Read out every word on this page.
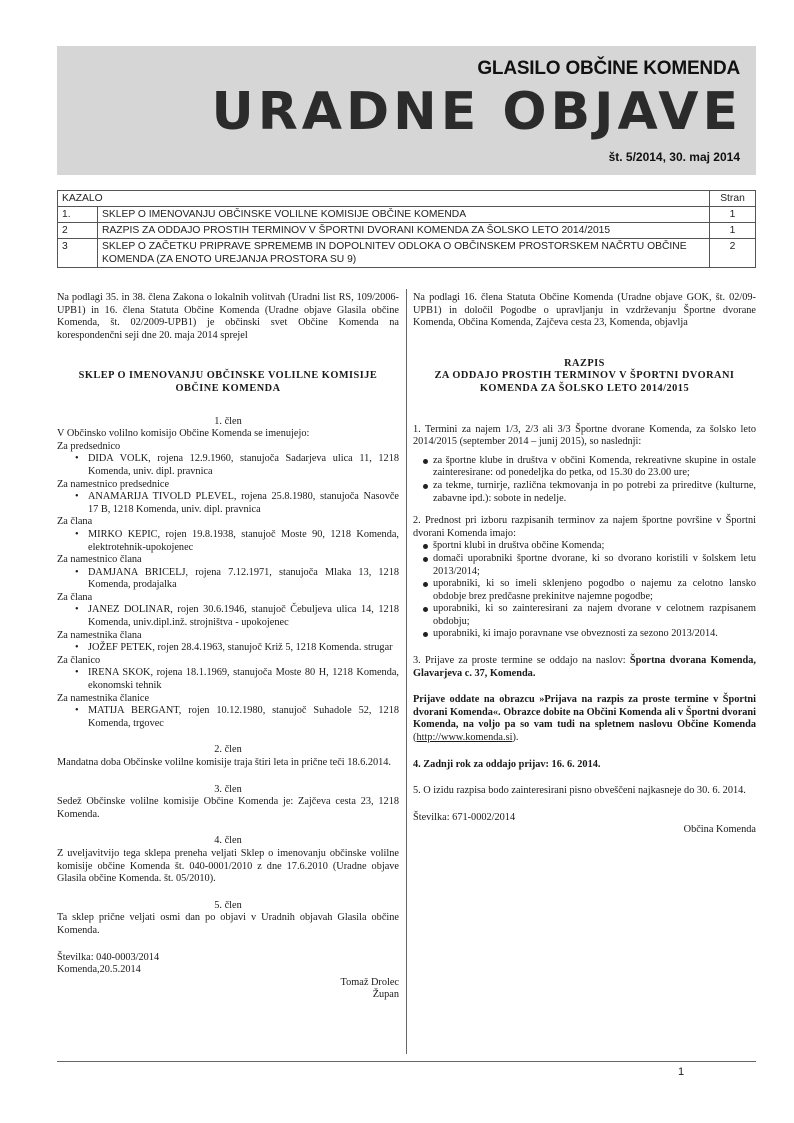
GLASILO OBČINE KOMENDA
URADNE OBJAVE
št. 5/2014, 30. maj 2014
KAZALO		Stran
1.	SKLEP O IMENOVANJU OBČINSKE VOLILNE KOMISIJE OBČINE KOMENDA	1
2	RAZPIS ZA ODDAJO PROSTIH TERMINOV V ŠPORTNI DVORANI KOMENDA ZA ŠOLSKO LETO 2014/2015	1
3	SKLEP O ZAČETKU PRIPRAVE SPREMEMB IN DOPOLNITEV ODLOKA O OBČINSKEM PROSTORSKEM NAČRTU OBČINE KOMENDA (ZA ENOTO UREJANJA PROSTORA SU 9)	2

Na podlagi 35. in 38. člena Zakona o lokalnih volitvah (Uradni list RS, 109/2006-UPB1) in 16. člena Statuta Občine Komenda (Uradne objave Glasila občine Komenda, št. 02/2009-UPB1) je občinski svet Občine Komenda na korespondenčni seji dne 20. maja 2014 sprejel

SKLEP O IMENOVANJU OBČINSKE VOLILNE KOMISIJE OBČINE KOMENDA

1. člen

V Občinsko volilno komisijo Občine Komenda se imenujejo:

Za predsednico
• DIDA VOLK, rojena 12.9.1960, stanujoča Sadarjeva ulica 11, 1218 Komenda, univ. dipl. pravnica
Za namestnico predsednice
• ANAMARIJA TIVOLD PLEVEL, rojena 25.8.1980, stanujoča Nasovče 17 B, 1218 Komenda, univ. dipl. pravnica
Za člana
• MIRKO KEPIC, rojen 19.8.1938, stanujoč Moste 90, 1218 Komenda, elektrotehnik-upokojenec
Za namestnico člana
• DAMJANA BRICELJ, rojena 7.12.1971, stanujoča Mlaka 13, 1218 Komenda, prodajalka
Za člana
• JANEZ DOLINAR, rojen 30.6.1946, stanujoč Čebuljeva ulica 14, 1218 Komenda, univ.dipl.inž. strojništva - upokojenec
Za namestnika člana
• JOŽEF PETEK, rojen 28.4.1963, stanujoč Križ 5, 1218 Komenda. strugar
Za članico
• IRENA SKOK, rojena 18.1.1969, stanujoča Moste 80 H, 1218 Komenda, ekonomski tehnik
Za namestnika članice
• MATIJA BERGANT, rojen 10.12.1980, stanujoč Suhadole 52, 1218 Komenda, trgovec

2. člen

Mandatna doba Občinske volilne komisije traja štiri leta in prične teči 18.6.2014.

3. člen

Sedež Občinske volilne komisije Občine Komenda je: Zajčeva cesta 23, 1218 Komenda.

4. člen

Z uveljavitvijo tega sklepa preneha veljati Sklep o imenovanju občinske volilne komisije občine Komenda št. 040-0001/2010 z dne 17.6.2010 (Uradne objave Glasila občine Komenda. št. 05/2010).

5. člen

Ta sklep prične veljati osmi dan po objavi v Uradnih objavah Glasila občine Komenda.

Številka: 040-0003/2014

Komenda,20.5.2014

Tomaž Drolec

Župan

Na podlagi 16. člena Statuta Občine Komenda (Uradne objave GOK, št. 02/09-UPB1) in določil Pogodbe o upravljanju in vzdrževanju Športne dvorane Komenda, Občina Komenda, Zajčeva cesta 23, Komenda, objavlja

RAZPIS

ZA ODDAJO PROSTIH TERMINOV V ŠPORTNI DVORANI

KOMENDA ZA ŠOLSKO LETO 2014/2015

1. Termini za najem 1/3, 2/3 ali 3/3 Športne dvorane Komenda, za šolsko leto 2014/2015 (september 2014 – junij 2015), so naslednji:

za športne klube in društva v občini Komenda, rekreativne skupine in ostale zainteresirane: od ponedeljka do petka, od 15.30 do 23.00 ure;
za tekme, turnirje, različna tekmovanja in po potrebi za prireditve (kulturne, zabavne ipd.): sobote in nedelje.

2. Prednost pri izboru razpisanih terminov za najem športne površine v Športni dvorani Komenda imajo:

športni klubi in društva občine Komenda;
domači uporabniki športne dvorane, ki so dvorano koristili v šolskem letu 2013/2014;
uporabniki, ki so imeli sklenjeno pogodbo o najemu za celotno lansko obdobje brez predčasne prekinitve najemne pogodbe;
uporabniki, ki so zainteresirani za najem dvorane v celotnem razpisanem obdobju;
uporabniki, ki imajo poravnane vse obveznosti za sezono 2013/2014.

3. Prijave za proste termine se oddajo na naslov: Športna dvorana Komenda, Glavarjeva c. 37, Komenda.

Prijave oddate na obrazcu »Prijava na razpis za proste termine v Športni dvorani Komenda«. Obrazce dobite na Občini Komenda ali v Športni dvorani Komenda, na voljo pa so vam tudi na spletnem naslovu Občine Komenda (http://www.komenda.si).

4. Zadnji rok za oddajo prijav: 16. 6. 2014.

5. O izidu razpisa bodo zainteresirani pisno obveščeni najkasneje do 30. 6. 2014.

Številka: 671-0002/2014

Občina Komenda

1
